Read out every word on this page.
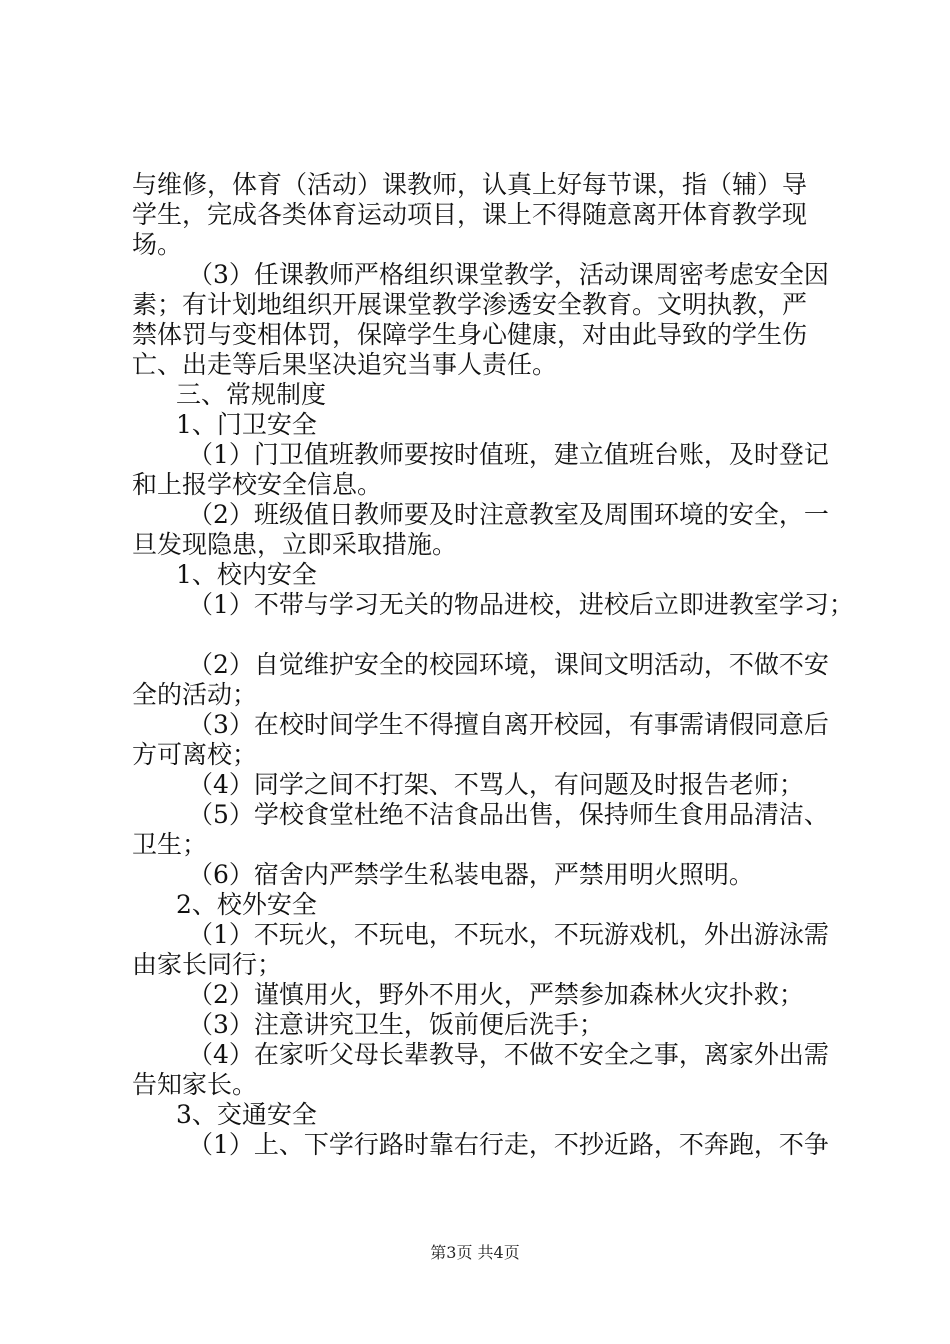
与维修，体育（活动）课教师，认真上好每节课，指（辅）导
学生，完成各类体育运动项目，课上不得随意离开体育教学现
场。
（3）任课教师严格组织课堂教学，活动课周密考虑安全因
素；有计划地组织开展课堂教学渗透安全教育。文明执教，严
禁体罚与变相体罚，保障学生身心健康，对由此导致的学生伤
亡、出走等后果坚决追究当事人责任。
三、常规制度
1、门卫安全
（1）门卫值班教师要按时值班，建立值班台账，及时登记
和上报学校安全信息。
（2）班级值日教师要及时注意教室及周围环境的安全，一
旦发现隐患，立即采取措施。
1、校内安全
（1）不带与学习无关的物品进校，进校后立即进教室学习；
（2）自觉维护安全的校园环境，课间文明活动，不做不安
全的活动；
（3）在校时间学生不得擅自离开校园，有事需请假同意后
方可离校；
（4）同学之间不打架、不骂人，有问题及时报告老师；
（5）学校食堂杜绝不洁食品出售，保持师生食用品清洁、
卫生；
（6）宿舍内严禁学生私装电器，严禁用明火照明。
2、校外安全
（1）不玩火，不玩电，不玩水，不玩游戏机，外出游泳需
由家长同行；
（2）谨慎用火，野外不用火，严禁参加森林火灾扑救；
（3）注意讲究卫生，饭前便后洗手；
（4）在家听父母长辈教导，不做不安全之事，离家外出需
告知家长。
3、交通安全
（1）上、下学行路时靠右行走，不抄近路，不奔跑，不争
第3页 共4页
